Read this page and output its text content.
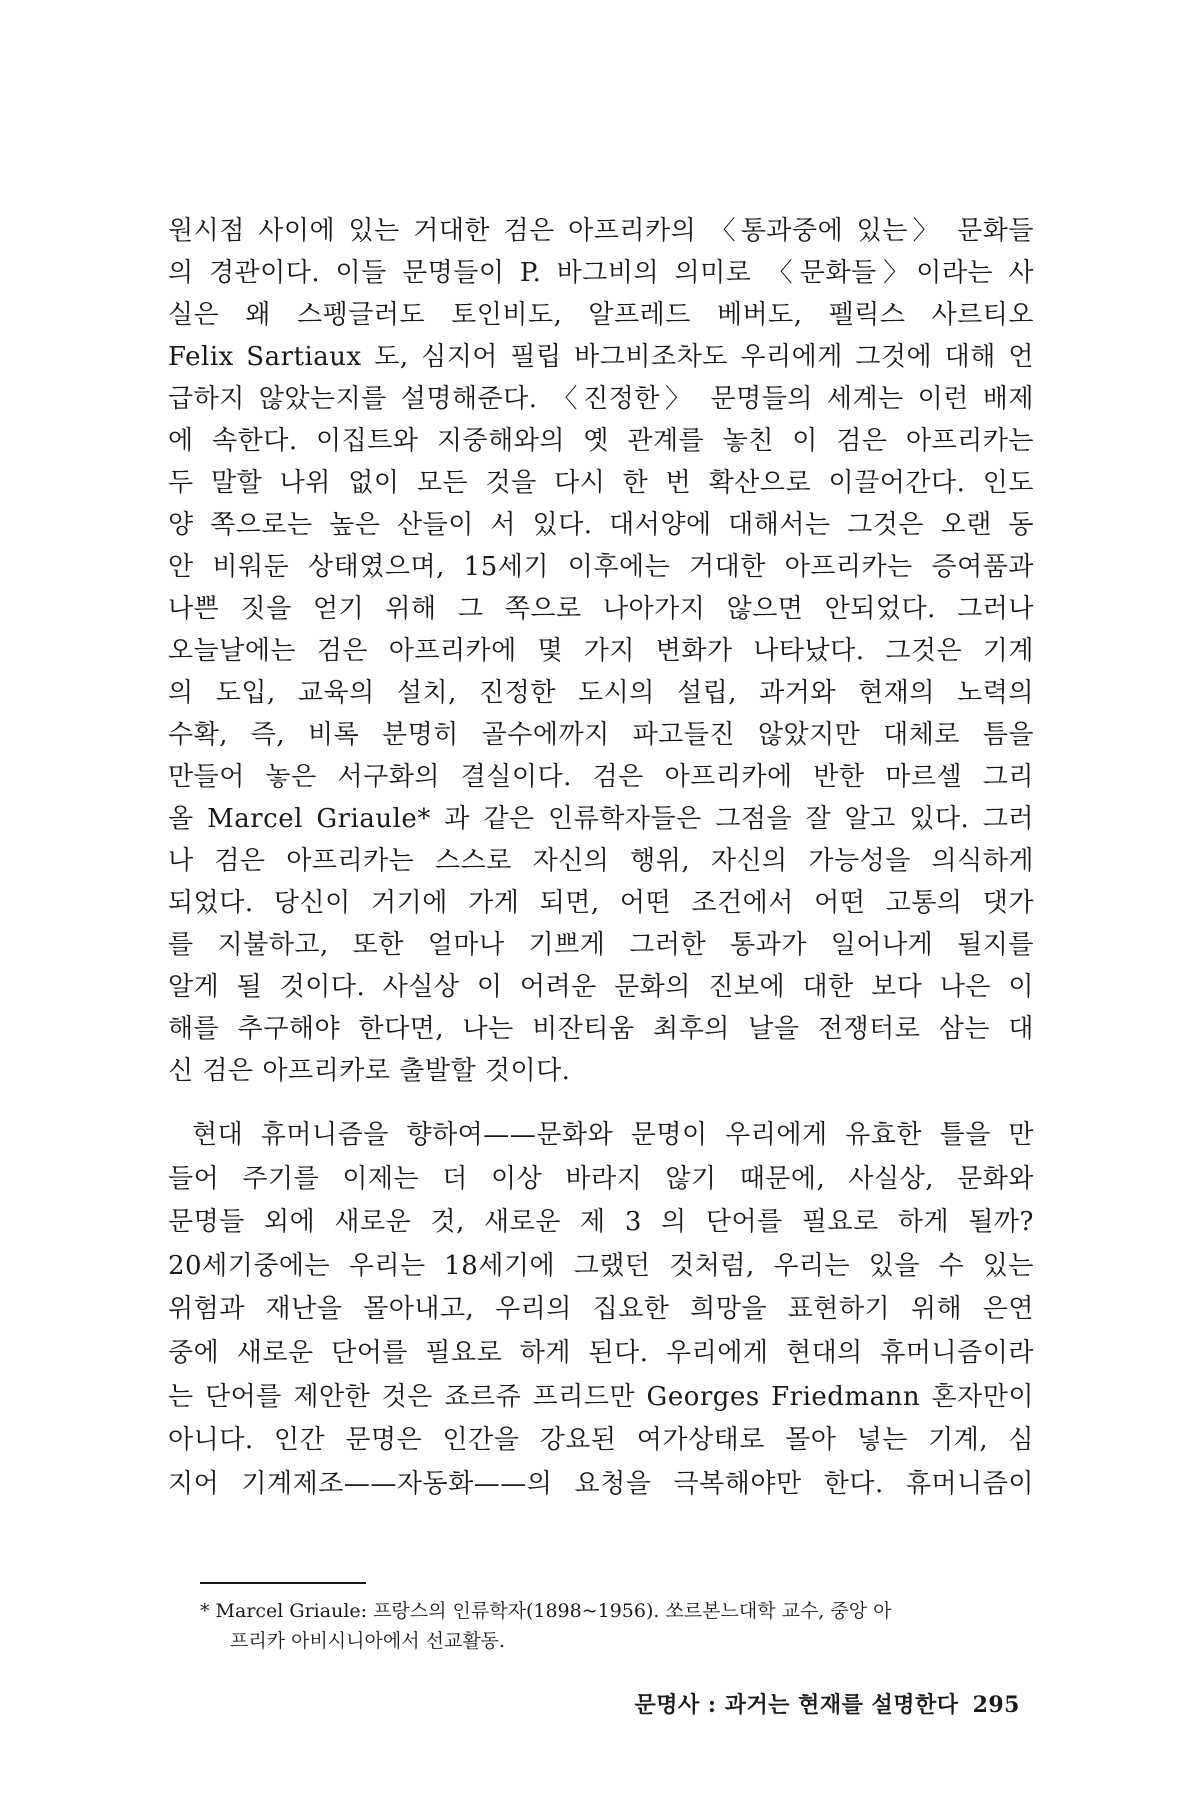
원시점 사이에 있는 거대한 검은 아프리카의 〈통과중에 있는〉 문화들
의 경관이다. 이들 문명들이 P. 바그비의 의미로 〈문화들〉이라는 사
실은 왜 스펭글러도 토인비도, 알프레드 베버도, 펠릭스 사르티오
Felix Sartiaux 도, 심지어 필립 바그비조차도 우리에게 그것에 대해 언
급하지 않았는지를 설명해준다. 〈진정한〉 문명들의 세계는 이런 배제
에 속한다. 이집트와 지중해와의 옛 관계를 놓친 이 검은 아프리카는
두 말할 나위 없이 모든 것을 다시 한 번 확산으로 이끌어간다. 인도
양 쪽으로는 높은 산들이 서 있다. 대서양에 대해서는 그것은 오랜 동
안 비워둔 상태였으며, 15세기 이후에는 거대한 아프리카는 증여품과
나쁜 짓을 얻기 위해 그 쪽으로 나아가지 않으면 안되었다. 그러나
오늘날에는 검은 아프리카에 몇 가지 변화가 나타났다. 그것은 기계
의 도입, 교육의 설치, 진정한 도시의 설립, 과거와 현재의 노력의
수확, 즉, 비록 분명히 골수에까지 파고들진 않았지만 대체로 틈을
만들어 놓은 서구화의 결실이다. 검은 아프리카에 반한 마르셀 그리
올 Marcel Griaule* 과 같은 인류학자들은 그점을 잘 알고 있다. 그러
나 검은 아프리카는 스스로 자신의 행위, 자신의 가능성을 의식하게
되었다. 당신이 거기에 가게 되면, 어떤 조건에서 어떤 고통의 댓가
를 지불하고, 또한 얼마나 기쁘게 그러한 통과가 일어나게 될지를
알게 될 것이다. 사실상 이 어려운 문화의 진보에 대한 보다 나은 이
해를 추구해야 한다면, 나는 비잔티움 최후의 날을 전쟁터로 삼는 대
신 검은 아프리카로 출발할 것이다.
현대 휴머니즘을 향하여——문화와 문명이 우리에게 유효한 틀을 만
들어 주기를 이제는 더 이상 바라지 않기 때문에, 사실상, 문화와
문명들 외에 새로운 것, 새로운 제 3 의 단어를 필요로 하게 될까?
20세기중에는 우리는 18세기에 그랬던 것처럼, 우리는 있을 수 있는
위험과 재난을 몰아내고, 우리의 집요한 희망을 표현하기 위해 은연
중에 새로운 단어를 필요로 하게 된다. 우리에게 현대의 휴머니즘이라
는 단어를 제안한 것은 죠르쥬 프리드만 Georges Friedmann 혼자만이
아니다. 인간 문명은 인간을 강요된 여가상태로 몰아 넣는 기계, 심
지어 기계제조——자동화——의 요청을 극복해야만 한다. 휴머니즘이
* Marcel Griaule: 프랑스의 인류학자(1898~1956). 쏘르본느대학 교수, 중앙 아
프리카 아비시니아에서 선교활동.
문명사 : 과거는 현재를 설명한다 295
